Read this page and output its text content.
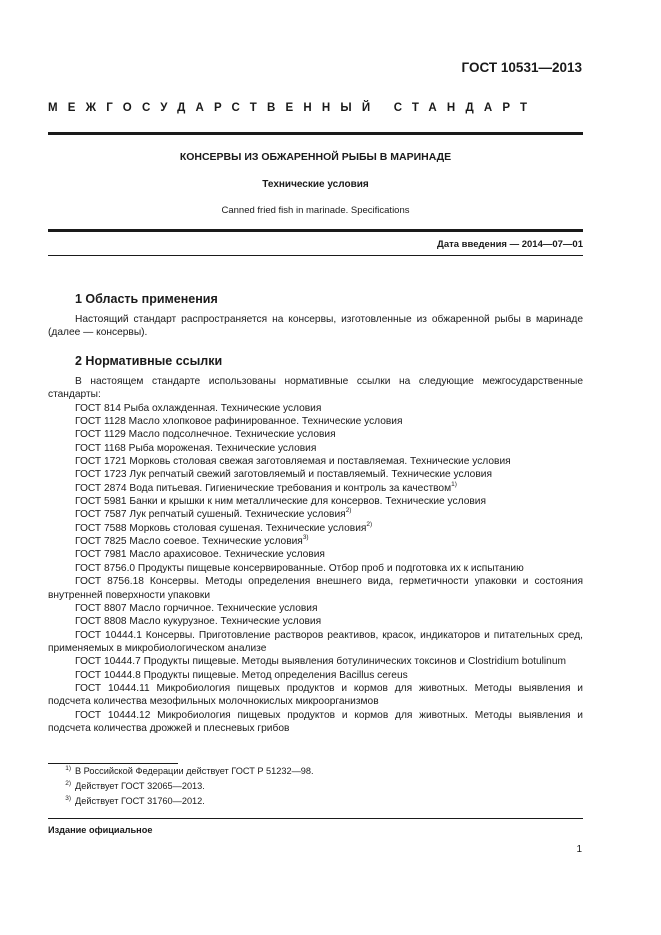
ГОСТ 10531—2013
МЕЖГОСУДАРСТВЕННЫЙ СТАНДАРТ
КОНСЕРВЫ ИЗ ОБЖАРЕННОЙ РЫБЫ В МАРИНАДЕ
Технические условия
Canned fried fish in marinade. Specifications
Дата введения — 2014—07—01
1 Область применения

Настоящий стандарт распространяется на консервы, изготовленные из обжаренной рыбы в маринаде (далее — консервы).

2 Нормативные ссылки
В настоящем стандарте использованы нормативные ссылки на следующие межгосударственные стандарты:
ГОСТ 814 Рыба охлажденная. Технические условия
ГОСТ 1128 Масло хлопковое рафинированное. Технические условия
ГОСТ 1129 Масло подсолнечное. Технические условия
ГОСТ 1168 Рыба мороженая. Технические условия
ГОСТ 1721 Морковь столовая свежая заготовляемая и поставляемая. Технические условия
ГОСТ 1723 Лук репчатый свежий заготовляемый и поставляемый. Технические условия
ГОСТ 2874 Вода питьевая. Гигиенические требования и контроль за качеством$^{1)}$
ГОСТ 5981 Банки и крышки к ним металлические для консервов. Технические условия
ГОСТ 7587 Лук репчатый сушеный. Технические условия$^{2)}$
ГОСТ 7588 Морковь столовая сушеная. Технические условия$^{2)}$
ГОСТ 7825 Масло соевое. Технические условия$^{3)}$
ГОСТ 7981 Масло арахисовое. Технические условия
ГОСТ 8756.0 Продукты пищевые консервированные. Отбор проб и подготовка их к испытанию
ГОСТ 8756.18 Консервы. Методы определения внешнего вида, герметичности упаковки и состояния внутренней поверхности упаковки
ГОСТ 8807 Масло горчичное. Технические условия
ГОСТ 8808 Масло кукурузное. Технические условия
ГОСТ 10444.1 Консервы. Приготовление растворов реактивов, красок, индикаторов и питательных сред, применяемых в микробиологическом анализе
ГОСТ 10444.7 Продукты пищевые. Методы выявления ботулинических токсинов и Clostridium botulinum
ГОСТ 10444.8 Продукты пищевые. Метод определения Bacillus cereus
ГОСТ 10444.11 Микробиология пищевых продуктов и кормов для животных. Методы выявления и подсчета количества мезофильных молочнокислых микроорганизмов
ГОСТ 10444.12 Микробиология пищевых продуктов и кормов для животных. Методы выявления и подсчета количества дрожжей и плесневых грибов
$^{1)}$ В Российской Федерации действует ГОСТ Р 51232—98.
$^{2)}$ Действует ГОСТ 32065—2013.
$^{3)}$ Действует ГОСТ 31760—2012.
Издание официальное
1
